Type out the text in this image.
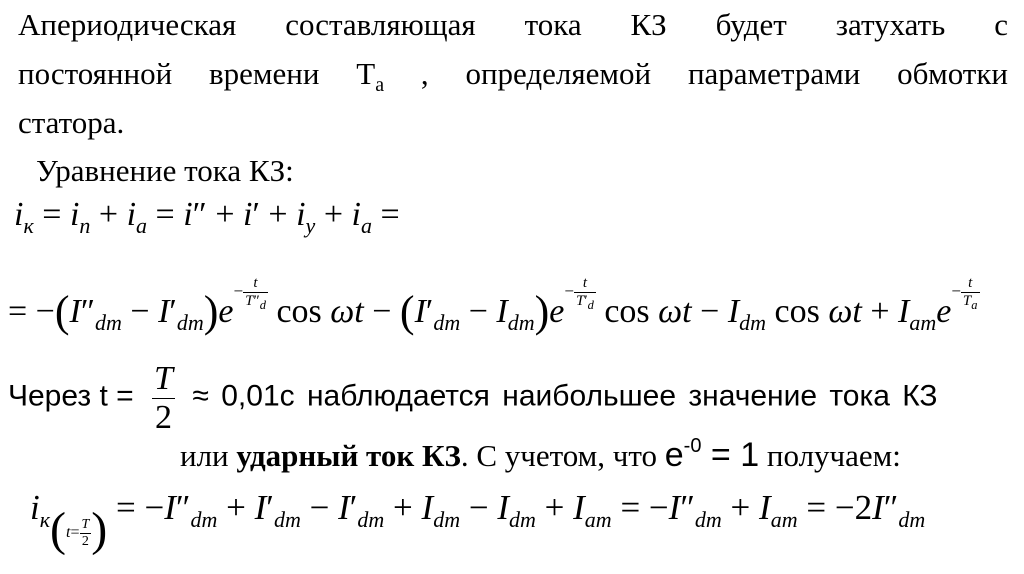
Апериодическая составляющая тока КЗ будет затухать с
постоянной времени $T_a$ , определяемой параметрами обмотки
статора.
Уравнение тока КЗ:
$i_к = i_п + i_a = i'' + i' + i_у + i_a$ =
= $-(I''_{dm} - I'_{dm})e- \frac{t}{T''_d}$
$\cos \omega t - (I'_{dm} - I_{dm})e- \frac{t}{T'_d}$
$\cos \omega t - I_{dm}$ $\cos \omega t + I_{am}e- \frac{t}{T_a}$
Через $t = \frac{T}{2} \approx 0,01с$ наблюдается наибольшее значение тока КЗ
или ударный ток КЗ. С учетом, что $e^{-0} = 1$ получаем:
$i_к(t= \frac{T}{2}$ ) = $-I''_{dm} + I'_{dm} - I'_{dm} + I_{dm} - I_{dm} + I_{am} = -I''_{dm} + I_{am} = -2I''_{dm}$
